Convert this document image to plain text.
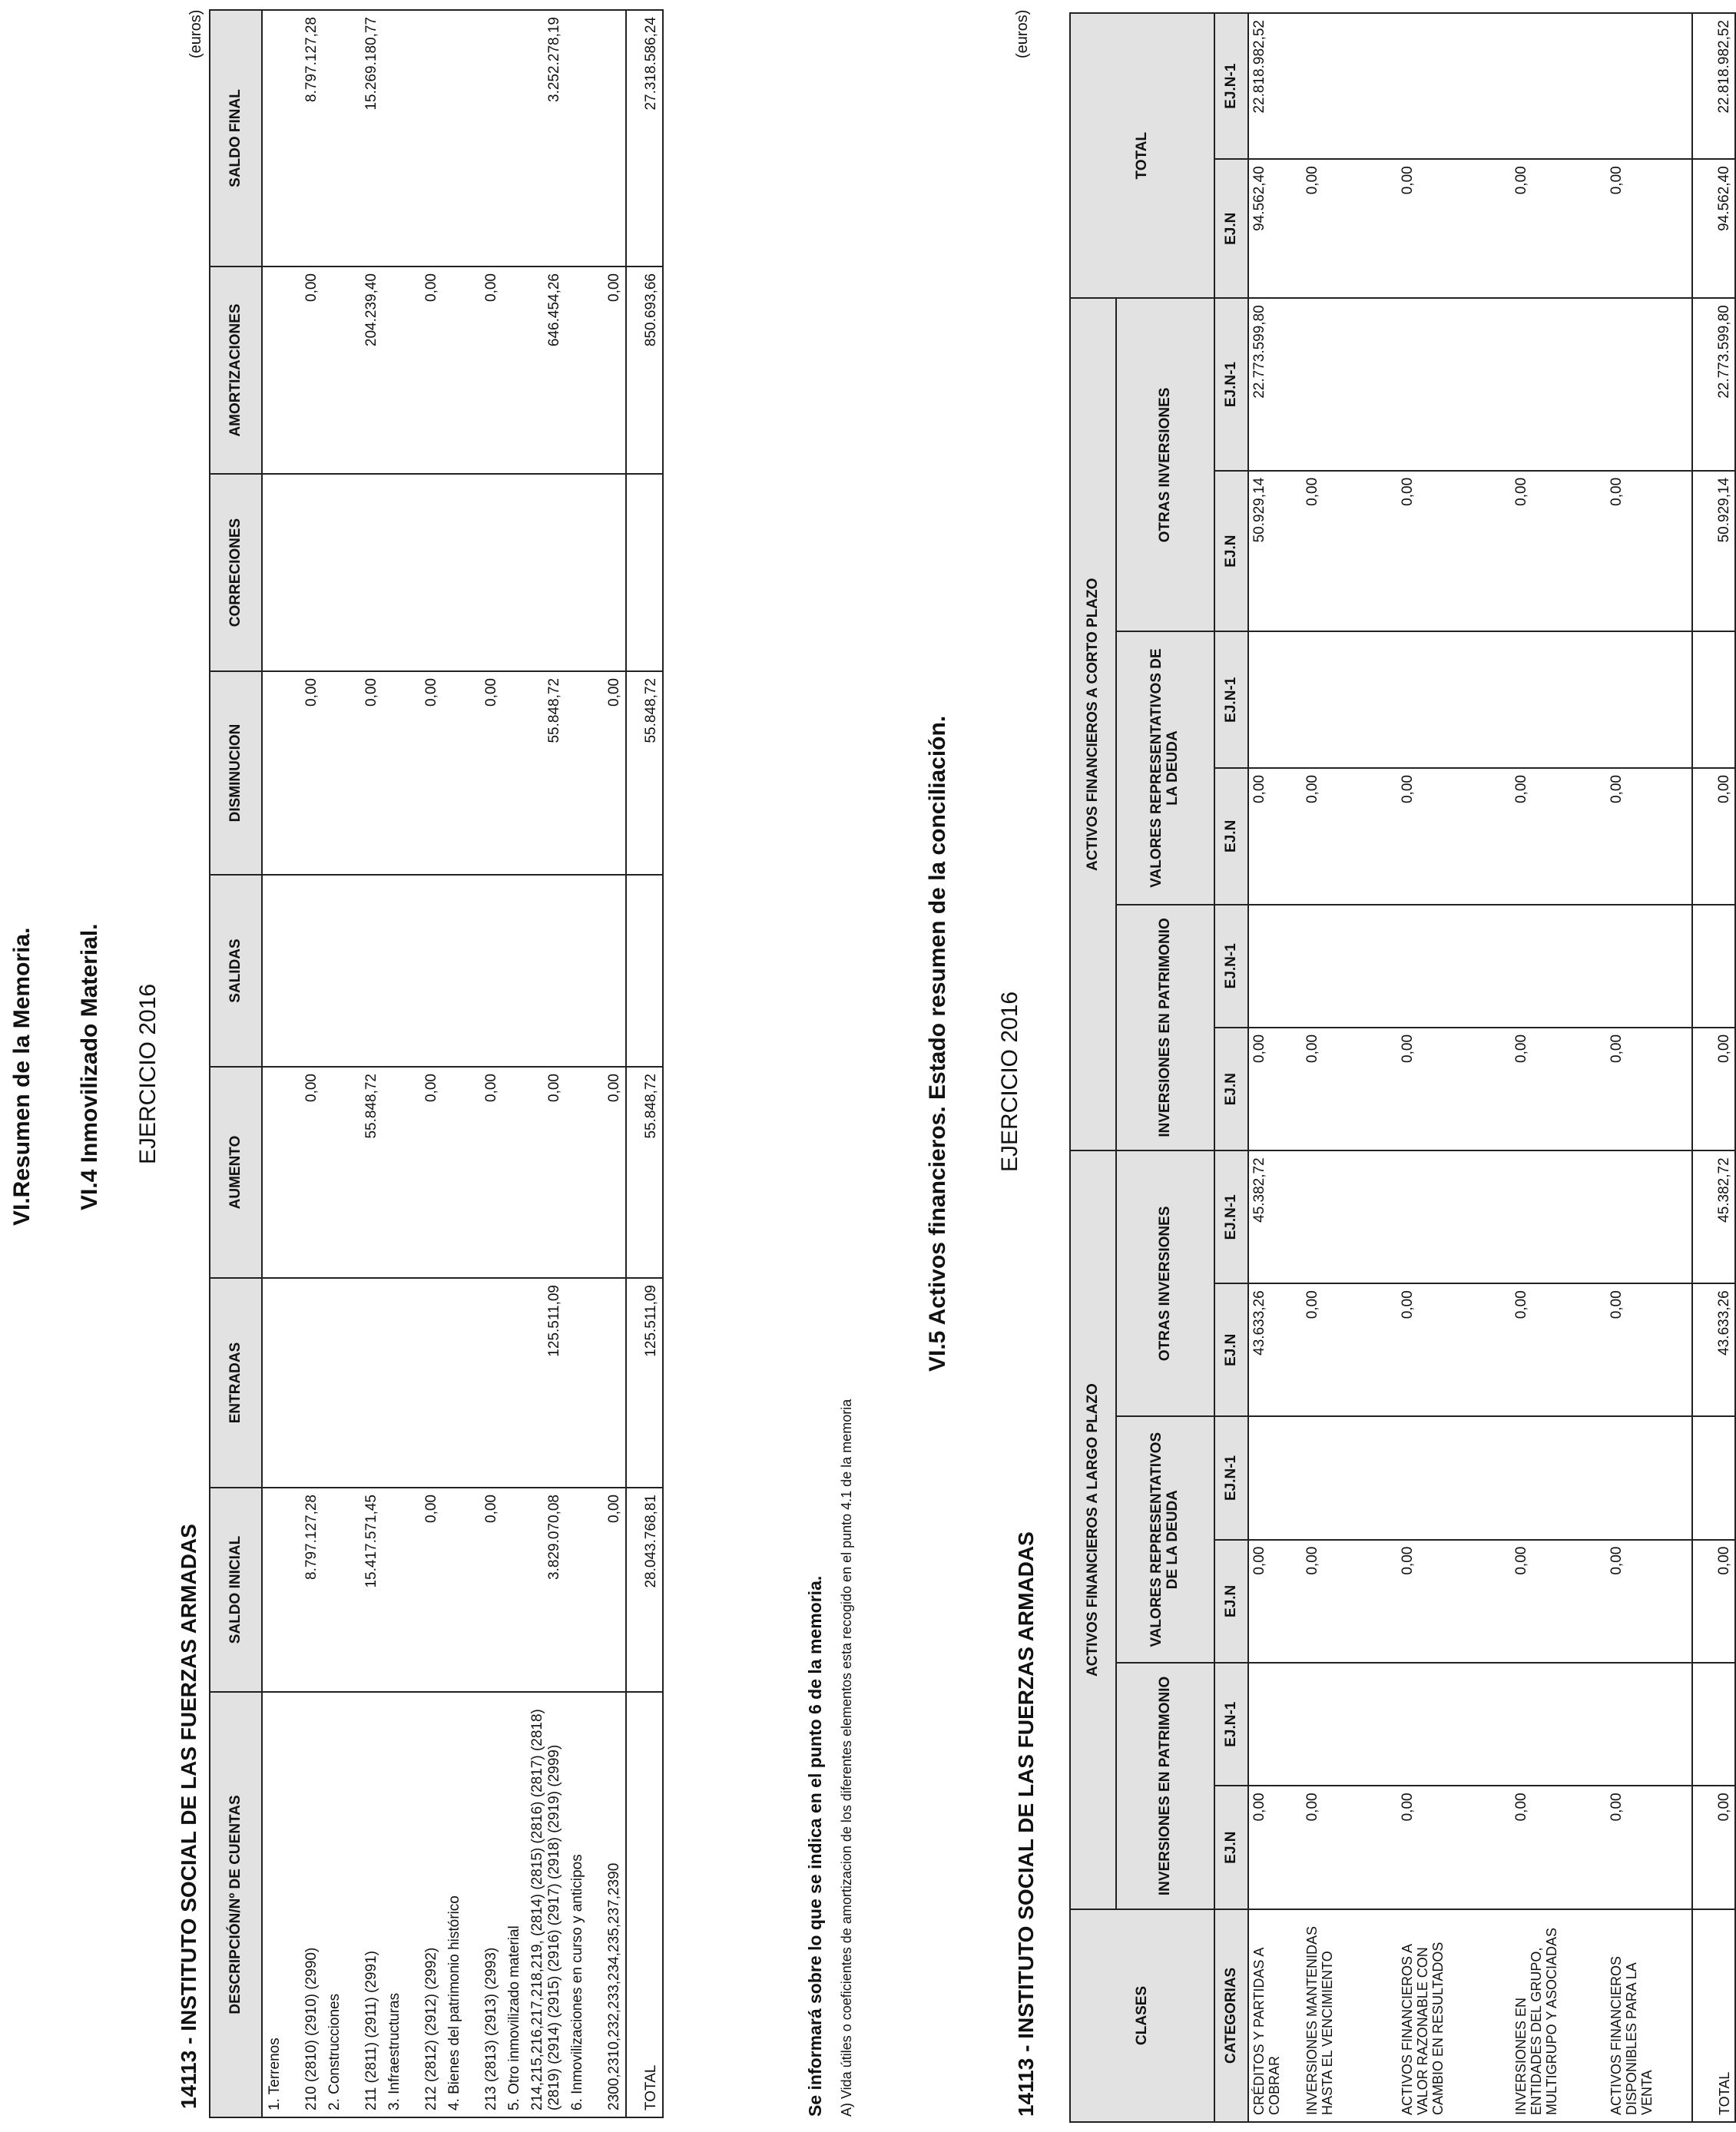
VI.Resumen de la Memoria. VI.4 Inmovilizado Material. EJERCICIO 2016
14113 - INSTITUTO SOCIAL DE LAS FUERZAS ARMADAS
(euros)
DESCRIPCIÓN/Nº DE CUENTAS	SALDO INICIAL	ENTRADAS	AUMENTO	SALIDAS	DISMINUCION	CORRECIONES	AMORTIZACIONES	SALDO FINAL
1. Terrenos								
210 (2810) (2910) (2990)	8.797.127,28		0,00		0,00		0,00	8.797.127,28
2. Construcciones								
211 (2811) (2911) (2991)	15.417.571,45		55.848,72		0,00		204.239,40	15.269.180,77
3. Infraestructuras								
212 (2812) (2912) (2992)	0,00		0,00		0,00		0,00	
4. Bienes del patrimonio histórico								
213 (2813) (2913) (2993)	0,00		0,00		0,00		0,00	
5. Otro inmovilizado material								
214,215,216,217,218,219, (2814) (2815) (2816) (2817) (2818) (2819) (2914) (2915) (2916) (2917) (2918) (2919) (2999)	3.829.070,08	125.511,09	0,00		55.848,72		646.454,26	3.252.278,19
6. Inmovilizaciones en curso y anticipos								
2300,2310,232,233,234,235,237,2390	0,00		0,00		0,00		0,00	
TOTAL	28.043.768,81	125.511,09	55.848,72		55.848,72		850.693,66	27.318.586,24
Se informará sobre lo que se indica en el punto 6 de la memoria. A) Vida útiles o coeficientes de amortizacion de los diferentes elementos esta recogido en el punto 4.1 de la memoria
VI.5 Activos financieros. Estado resumen de la conciliación. EJERCICIO 2016
14113 - INSTITUTO SOCIAL DE LAS FUERZAS ARMADAS
(euros)
CLASES	ACTIVOS FINANCIEROS A LARGO PLAZO						ACTIVOS FINANCIEROS A CORTO PLAZO						TOTAL	
	INVERSIONES EN PATRIMONIO		VALORES REPRESENTATIVOS DE LA DEUDA		OTRAS INVERSIONES		INVERSIONES EN PATRIMONIO		VALORES REPRESENTATIVOS DE LA DEUDA		OTRAS INVERSIONES			

CATEGORIAS	EJ.N	EJ.N-1	EJ.N	EJ.N-1	EJ.N	EJ.N-1	EJ.N	EJ.N-1	EJ.N	EJ.N-1	EJ.N	EJ.N-1	EJ.N	EJ.N-1
CRÉDITOS Y PARTIDAS A COBRAR	0,00		0,00		43.633,26	45.382,72	0,00		0,00		50.929,14	22.773.599,80	94.562,40	22.818.982,52
INVERSIONES MANTENIDAS HASTA EL VENCIMIENTO	0,00		0,00		0,00		0,00		0,00		0,00		0,00	
ACTIVOS FINANCIEROS A VALOR RAZONABLE CON CAMBIO EN RESULTADOS	0,00		0,00		0,00		0,00		0,00		0,00		0,00	
INVERSIONES EN ENTIDADES DEL GRUPO, MULTIGRUPO Y ASOCIADAS	0,00		0,00		0,00		0,00		0,00		0,00		0,00	
ACTIVOS FINANCIEROS DISPONIBLES PARA LA VENTA	0,00		0,00		0,00		0,00		0,00		0,00		0,00	
TOTAL	0,00		0,00		43.633,26	45.382,72	0,00		0,00		50.929,14	22.773.599,80	94.562,40	22.818.982,52
